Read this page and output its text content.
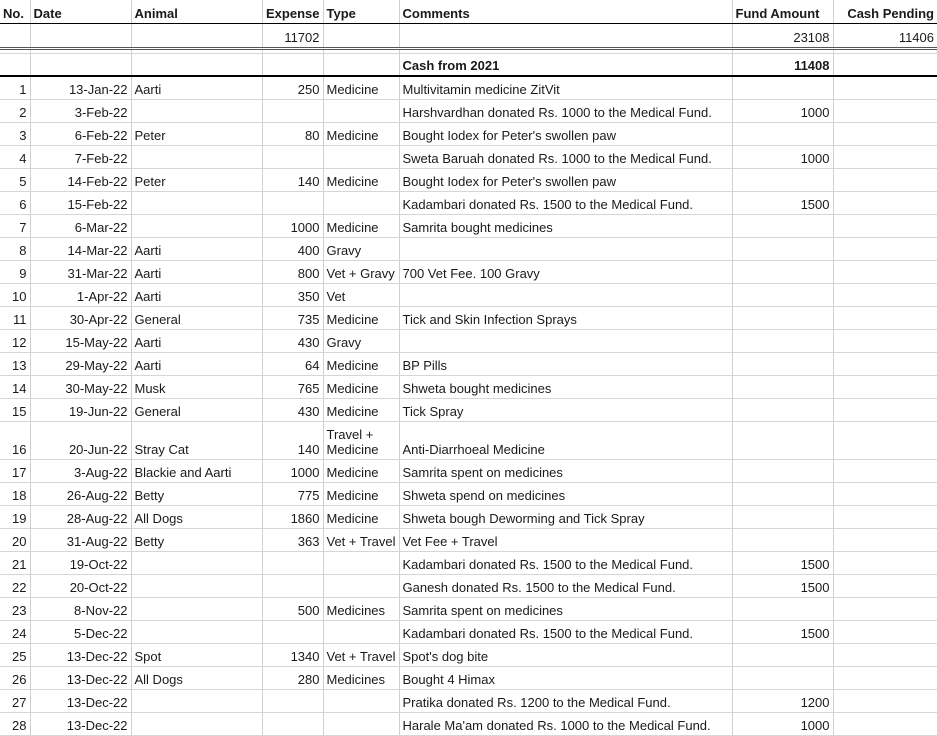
No.	Date	Animal	Expense	Type	Comments	Fund Amount	Cash Pending
			11702			23108	11406

					Cash from 2021	11408	
1	13-Jan-22	Aarti	250	Medicine	Multivitamin medicine ZitVit		
2	3-Feb-22				Harshvardhan donated Rs. 1000 to the Medical Fund.	1000	
3	6-Feb-22	Peter	80	Medicine	Bought Iodex for Peter's swollen paw		
4	7-Feb-22				Sweta Baruah donated Rs. 1000 to the Medical Fund.	1000	
5	14-Feb-22	Peter	140	Medicine	Bought Iodex for Peter's swollen paw		
6	15-Feb-22				Kadambari donated Rs. 1500 to the Medical Fund.	1500	
7	6-Mar-22		1000	Medicine	Samrita bought medicines		
8	14-Mar-22	Aarti	400	Gravy			
9	31-Mar-22	Aarti	800	Vet + Gravy	700 Vet Fee. 100 Gravy		
10	1-Apr-22	Aarti	350	Vet			
11	30-Apr-22	General	735	Medicine	Tick and Skin Infection Sprays		
12	15-May-22	Aarti	430	Gravy			
13	29-May-22	Aarti	64	Medicine	BP Pills		
14	30-May-22	Musk	765	Medicine	Shweta bought medicines		
15	19-Jun-22	General	430	Medicine	Tick Spray		
16	20-Jun-22	Stray Cat	140	Travel + Medicine	Anti-Diarrhoeal Medicine		
17	3-Aug-22	Blackie and Aarti	1000	Medicine	Samrita spent on medicines		
18	26-Aug-22	Betty	775	Medicine	Shweta spend on medicines		
19	28-Aug-22	All Dogs	1860	Medicine	Shweta bough Deworming and Tick Spray		
20	31-Aug-22	Betty	363	Vet + Travel	Vet Fee + Travel		
21	19-Oct-22				Kadambari donated Rs. 1500 to the Medical Fund.	1500	
22	20-Oct-22				Ganesh donated Rs. 1500 to the Medical Fund.	1500	
23	8-Nov-22		500	Medicines	Samrita spent on medicines		
24	5-Dec-22				Kadambari donated Rs. 1500 to the Medical Fund.	1500	
25	13-Dec-22	Spot	1340	Vet + Travel	Spot's dog bite		
26	13-Dec-22	All Dogs	280	Medicines	Bought 4 Himax		
27	13-Dec-22				Pratika donated Rs. 1200 to the Medical Fund.	1200	
28	13-Dec-22				Harale Ma'am donated Rs. 1000 to the Medical Fund.	1000	
